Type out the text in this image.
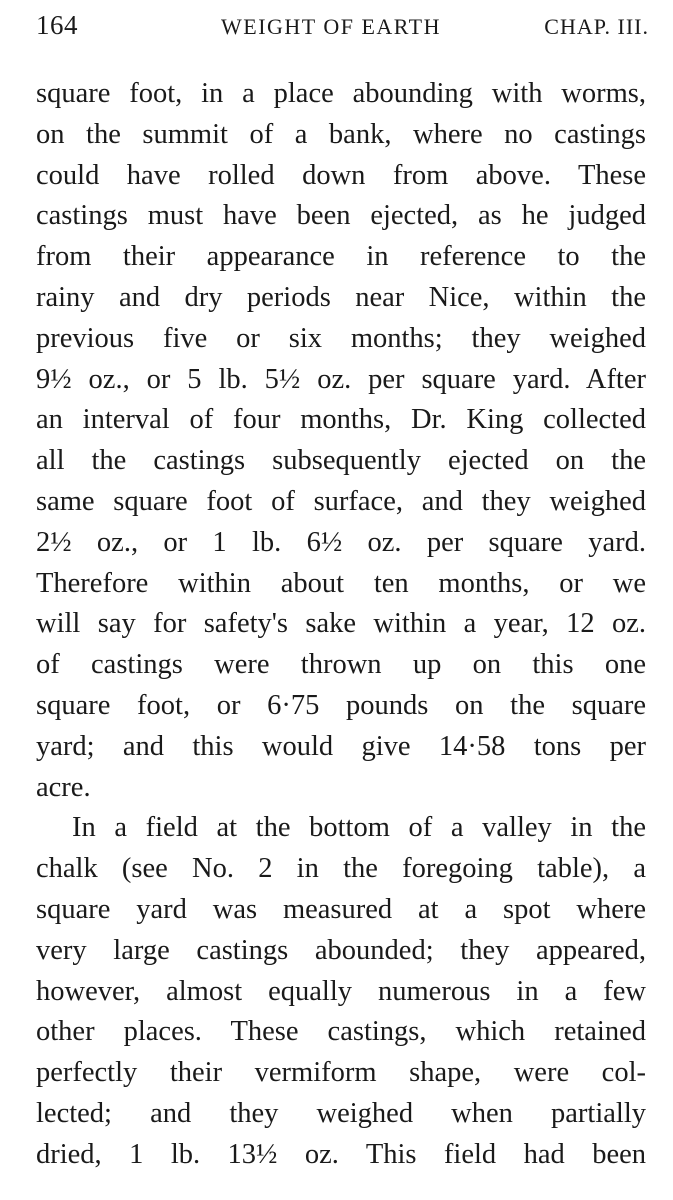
164	WEIGHT OF EARTH	CHAP. III.
square foot, in a place abounding with worms,
on the summit of a bank, where no castings
could have rolled down from above. These
castings must have been ejected, as he judged
from their appearance in reference to the
rainy and dry periods near Nice, within the
previous five or six months; they weighed
9½ oz., or 5 lb. 5½ oz. per square yard. After
an interval of four months, Dr. King collected
all the castings subsequently ejected on the
same square foot of surface, and they weighed
2½ oz., or 1 lb. 6½ oz. per square yard.
Therefore within about ten months, or we
will say for safety's sake within a year, 12 oz.
of castings were thrown up on this one
square foot, or 6·75 pounds on the square
yard; and this would give 14·58 tons per
acre.
In a field at the bottom of a valley in the
chalk (see No. 2 in the foregoing table), a
square yard was measured at a spot where
very large castings abounded; they appeared,
however, almost equally numerous in a few
other places. These castings, which retained
perfectly their vermiform shape, were col-
lected; and they weighed when partially
dried, 1 lb. 13½ oz. This field had been
